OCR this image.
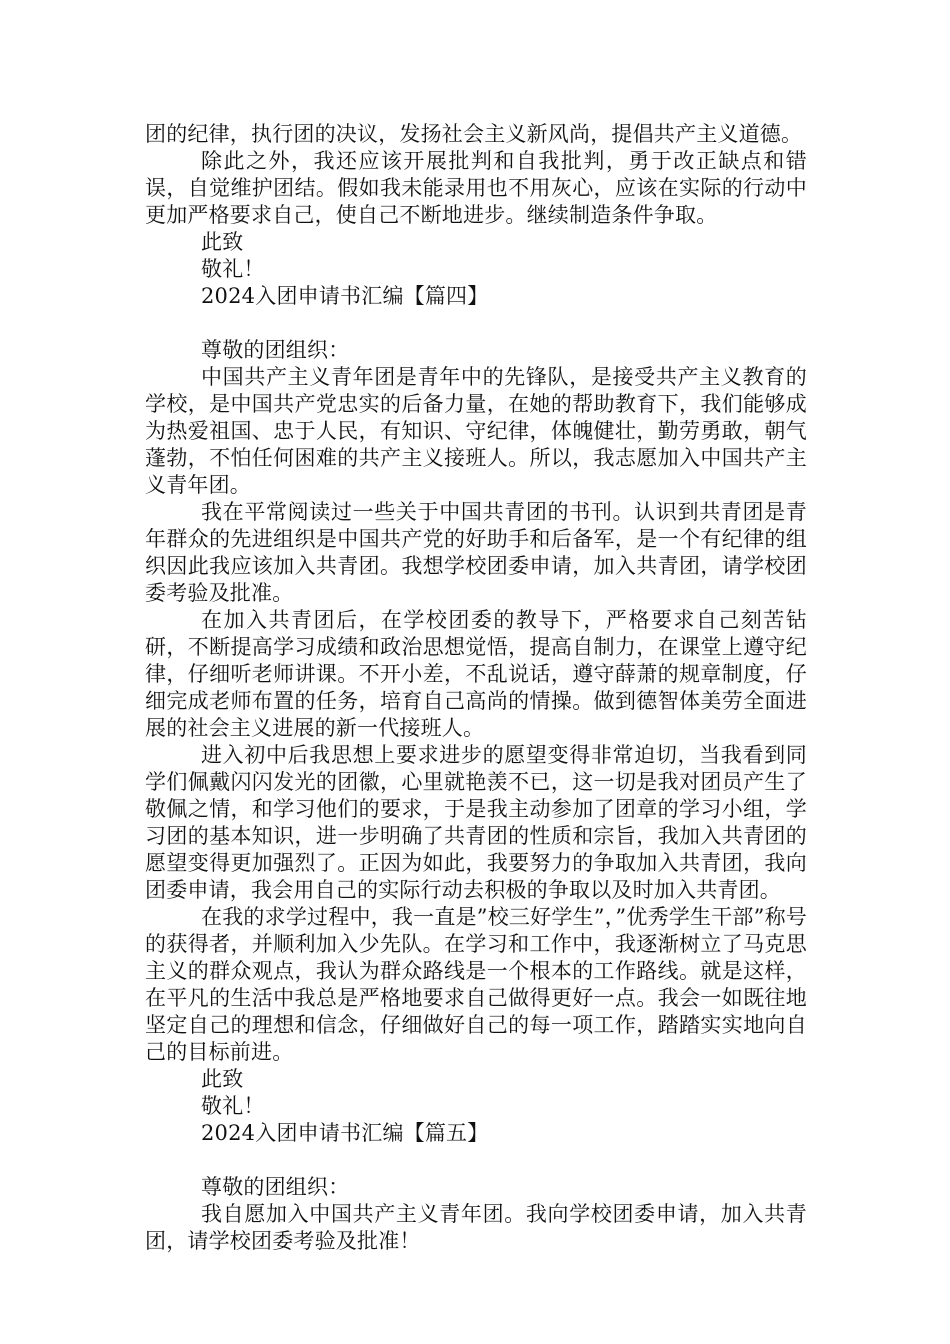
团的纪律，执行团的决议，发扬社会主义新风尚，提倡共产主义道德。

除此之外，我还应该开展批判和自我批判，勇于改正缺点和错误，自觉维护团结。假如我未能录用也不用灰心，应该在实际的行动中更加严格要求自己，使自己不断地进步。继续制造条件争取。

此致

敬礼！

2024入团申请书汇编【篇四】

尊敬的团组织：

中国共产主义青年团是青年中的先锋队，是接受共产主义教育的学校，是中国共产党忠实的后备力量，在她的帮助教育下，我们能够成为热爱祖国、忠于人民，有知识、守纪律，体魄健壮，勤劳勇敢，朝气蓬勃，不怕任何困难的共产主义接班人。所以，我志愿加入中国共产主义青年团。

我在平常阅读过一些关于中国共青团的书刊。认识到共青团是青年群众的先进组织是中国共产党的好助手和后备军，是一个有纪律的组织因此我应该加入共青团。我想学校团委申请，加入共青团，请学校团委考验及批准。

在加入共青团后，在学校团委的教导下，严格要求自己刻苦钻研，不断提高学习成绩和政治思想觉悟，提高自制力，在课堂上遵守纪律，仔细听老师讲课。不开小差，不乱说话，遵守薛萧的规章制度，仔细完成老师布置的任务，培育自己高尚的情操。做到德智体美劳全面进展的社会主义进展的新一代接班人。

进入初中后我思想上要求进步的愿望变得非常迫切，当我看到同学们佩戴闪闪发光的团徽，心里就艳羡不已，这一切是我对团员产生了敬佩之情，和学习他们的要求，于是我主动参加了团章的学习小组，学习团的基本知识，进一步明确了共青团的性质和宗旨，我加入共青团的愿望变得更加强烈了。正因为如此，我要努力的争取加入共青团，我向团委申请，我会用自己的实际行动去积极的争取以及时加入共青团。

在我的求学过程中，我一直是”校三好学生”，”优秀学生干部”称号的获得者，并顺利加入少先队。在学习和工作中，我逐渐树立了马克思主义的群众观点，我认为群众路线是一个根本的工作路线。就是这样，在平凡的生活中我总是严格地要求自己做得更好一点。我会一如既往地坚定自己的理想和信念，仔细做好自己的每一项工作，踏踏实实地向自己的目标前进。

此致

敬礼！

2024入团申请书汇编【篇五】

尊敬的团组织：

我自愿加入中国共产主义青年团。我向学校团委申请，加入共青团，请学校团委考验及批准！
